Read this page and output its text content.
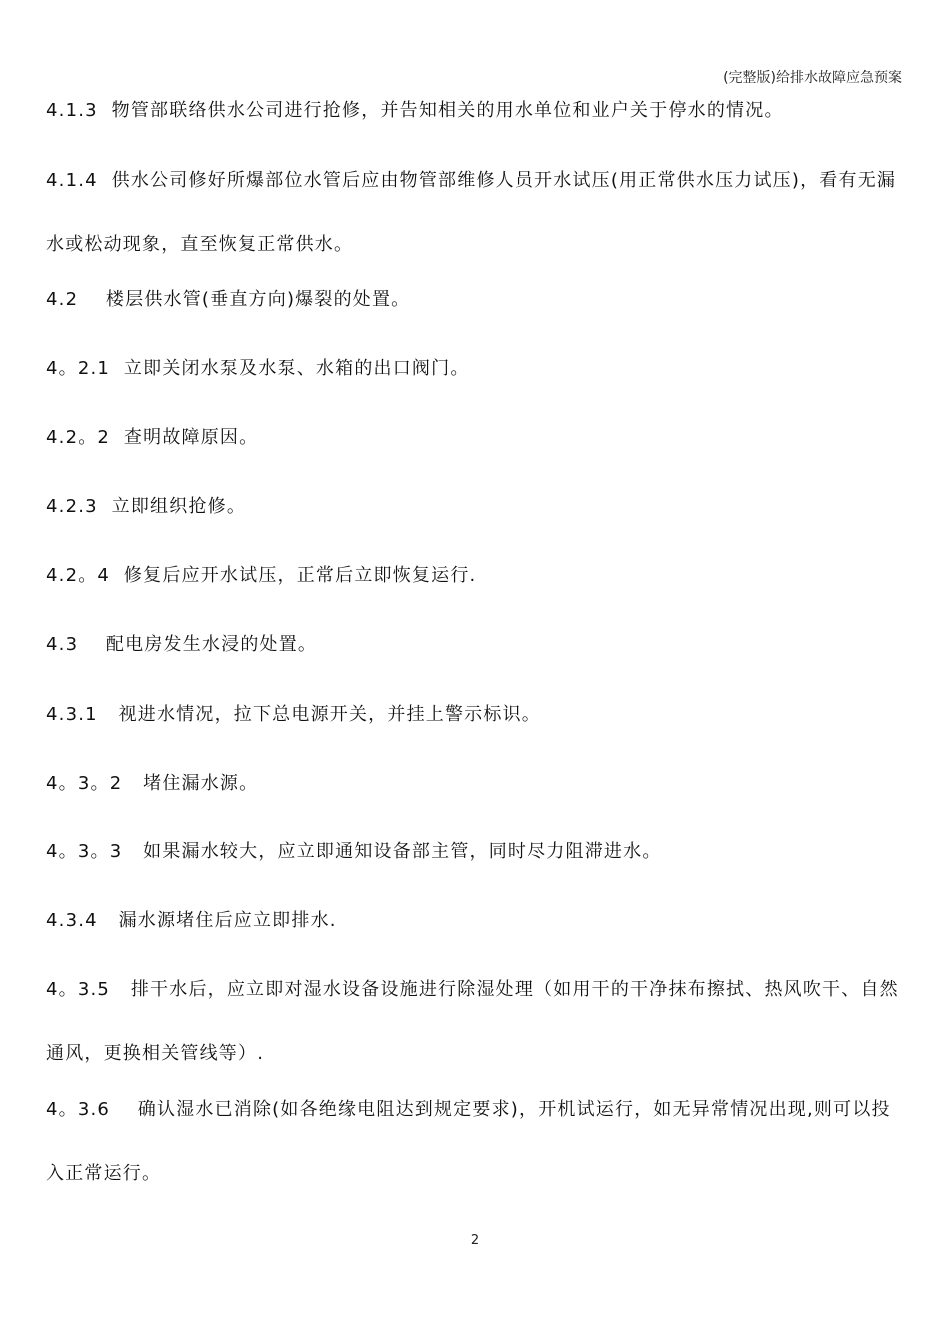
(完整版)给排水故障应急预案

4.1.3  物管部联络供水公司进行抢修，并告知相关的用水单位和业户关于停水的情况。

4.1.4  供水公司修好所爆部位水管后应由物管部维修人员开水试压(用正常供水压力试压)，看有无漏水或松动现象，直至恢复正常供水。

4.2    楼层供水管(垂直方向)爆裂的处置。

4。2.1  立即关闭水泵及水泵、水箱的出口阀门。

4.2。2  查明故障原因。

4.2.3  立即组织抢修。

4.2。4  修复后应开水试压，正常后立即恢复运行.

4.3    配电房发生水浸的处置。

4.3.1   视进水情况，拉下总电源开关，并挂上警示标识。

4。3。2   堵住漏水源。

4。3。3   如果漏水较大，应立即通知设备部主管，同时尽力阻滞进水。

4.3.4   漏水源堵住后应立即排水.

4。3.5   排干水后，应立即对湿水设备设施进行除湿处理（如用干的干净抹布擦拭、热风吹干、自然通风，更换相关管线等）.

4。3.6    确认湿水已消除(如各绝缘电阻达到规定要求)，开机试运行，如无异常情况出现,则可以投入正常运行。

2
